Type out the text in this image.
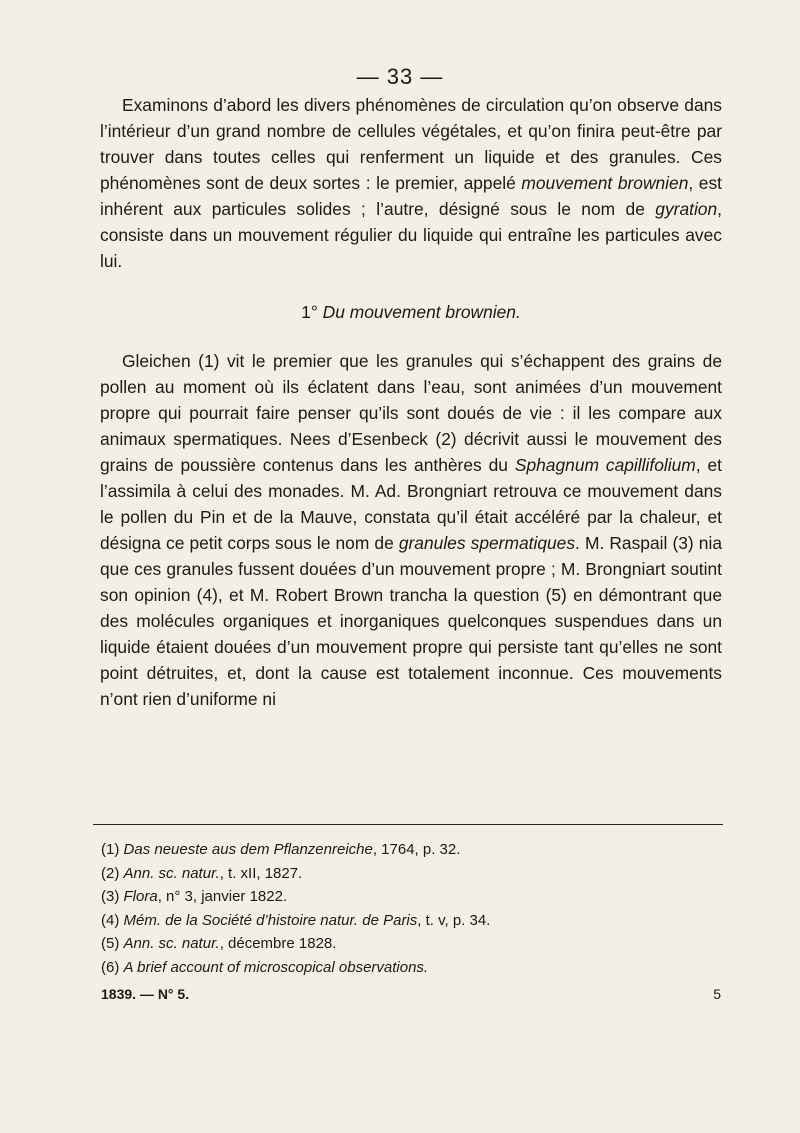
— 33 —

Examinons d’abord les divers phénomènes de circulation qu’on observe dans l’intérieur d’un grand nombre de cellules végétales, et qu’on finira peut-être par trouver dans toutes celles qui renferment un liquide et des granules. Ces phénomènes sont de deux sortes : le premier, appelé mouvement brownien, est inhérent aux particules solides ; l’autre, désigné sous le nom de gyration, consiste dans un mouvement régulier du liquide qui entraîne les particules avec lui.

1° Du mouvement brownien.

Gleichen (1) vit le premier que les granules qui s’échappent des grains de pollen au moment où ils éclatent dans l’eau, sont animées d’un mouvement propre qui pourrait faire penser qu’ils sont doués de vie : il les compare aux animaux spermatiques. Nees d’Esenbeck (2) décrivit aussi le mouvement des grains de poussière contenus dans les anthères du Sphagnum capillifolium, et l’assimila à celui des monades. M. Ad. Brongniart retrouva ce mouvement dans le pollen du Pin et de la Mauve, constata qu’il était accéléré par la chaleur, et désigna ce petit corps sous le nom de granules spermatiques. M. Raspail (3) nia que ces granules fussent douées d’un mouvement propre ; M. Brongniart soutint son opinion (4), et M. Robert Brown trancha la question (5) en démontrant que des molécules organiques et inorganiques quelconques suspendues dans un liquide étaient douées d’un mouvement propre qui persiste tant qu’elles ne sont point détruites, et, dont la cause est totalement inconnue. Ces mouvements n’ont rien d’uniforme ni

(1) Das neueste aus dem Pflanzenreiche, 1764, p. 32.

(2) Ann. sc. natur., t. xII, 1827.

(3) Flora, n° 3, janvier 1822.

(4) Mém. de la Société d’histoire natur. de Paris, t. v, p. 34.

(5) Ann. sc. natur., décembre 1828.

(6) A brief account of microscopical observations.

1839. — N° 5.	5
